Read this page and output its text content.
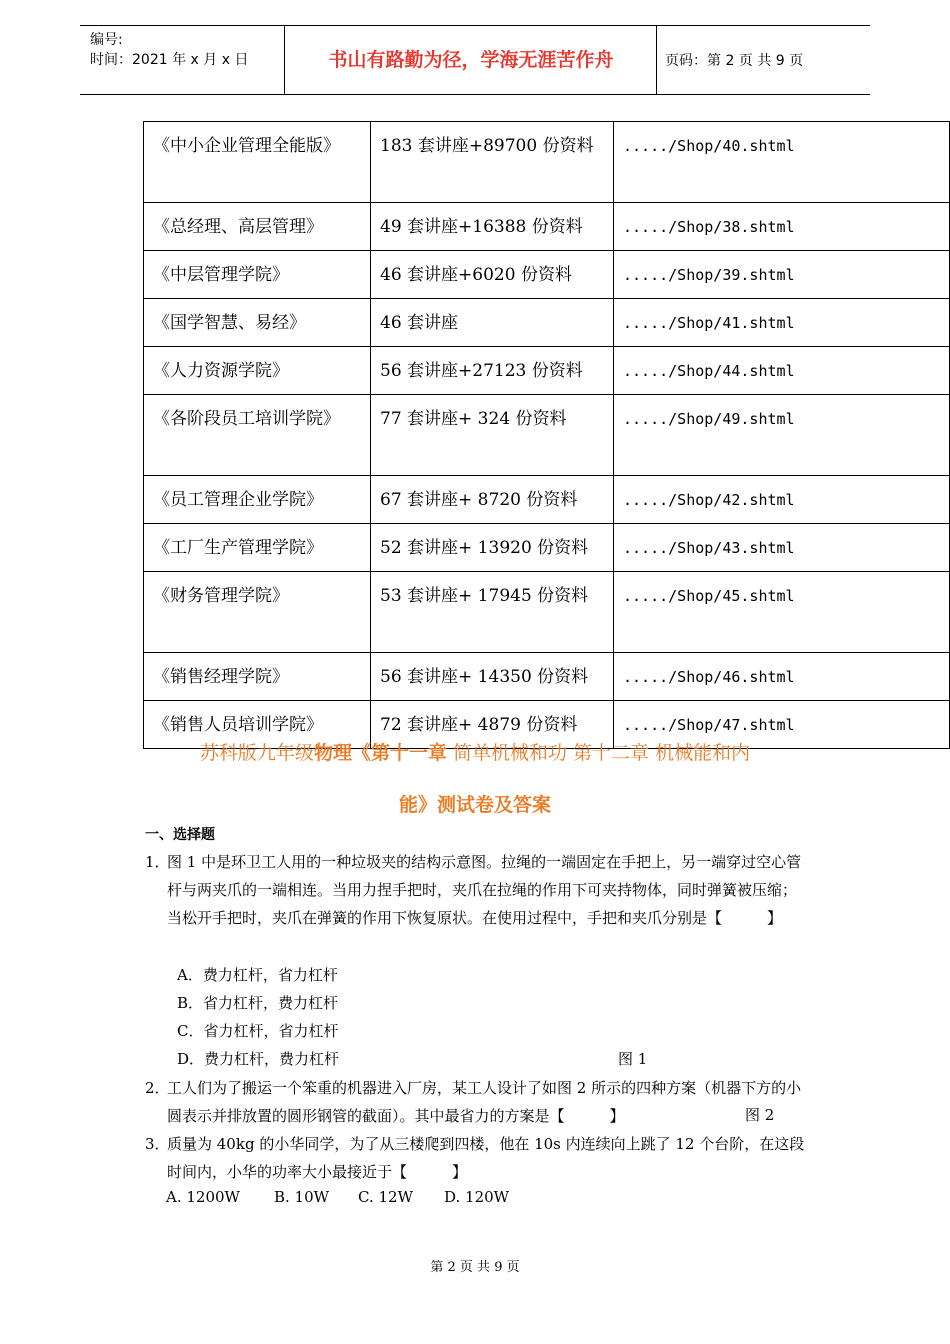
编号:
时间：2021 年 x 月 x 日	书山有路勤为径，学海无涯苦作舟	页码：第 2 页 共 9 页
《中小企业管理全能版》	183 套讲座+89700 份资料	...../Shop/40.shtml
《总经理、高层管理》	49 套讲座+16388 份资料	...../Shop/38.shtml
《中层管理学院》	46 套讲座+6020 份资料	...../Shop/39.shtml
《国学智慧、易经》	46 套讲座	...../Shop/41.shtml
《人力资源学院》	56 套讲座+27123 份资料	...../Shop/44.shtml
《各阶段员工培训学院》	77 套讲座+ 324 份资料	...../Shop/49.shtml
《员工管理企业学院》	67 套讲座+ 8720 份资料	...../Shop/42.shtml
《工厂生产管理学院》	52 套讲座+ 13920 份资料	...../Shop/43.shtml
《财务管理学院》	53 套讲座+ 17945 份资料	...../Shop/45.shtml
《销售经理学院》	56 套讲座+ 14350 份资料	...../Shop/46.shtml
《销售人员培训学院》	72 套讲座+ 4879 份资料	...../Shop/47.shtml
苏科版九年级物理《第十一章 简单机械和功 第十二章 机械能和内
能》测试卷及答案
一、选择题
1．
图 1 中是环卫工人用的一种垃圾夹的结构示意图。拉绳的一端固定在手把上，另一端穿过空心管杆与两夹爪的一端相连。当用力捏手把时，夹爪在拉绳的作用下可夹持物体，同时弹簧被压缩；当松开手把时，夹爪在弹簧的作用下恢复原状。在使用过程中，手把和夹爪分别是【　　　】
A．费力杠杆，省力杠杆
B．省力杠杆，费力杠杆
C．省力杠杆，省力杠杆
D．费力杠杆，费力杠杆	图 1
2．
工人们为了搬运一个笨重的机器进入厂房，某工人设计了如图 2 所示的四种方案（机器下方的小圆表示并排放置的圆形钢管的截面）。其中最省力的方案是【　　　】	图 2
3．
质量为 40kg 的小华同学，为了从三楼爬到四楼，他在 10s 内连续向上跳了 12 个台阶，在这段时间内，小华的功率大小最接近于【　　　】
A. 1200W B. 10W C. 12W D. 120W
第 2 页 共 9 页
